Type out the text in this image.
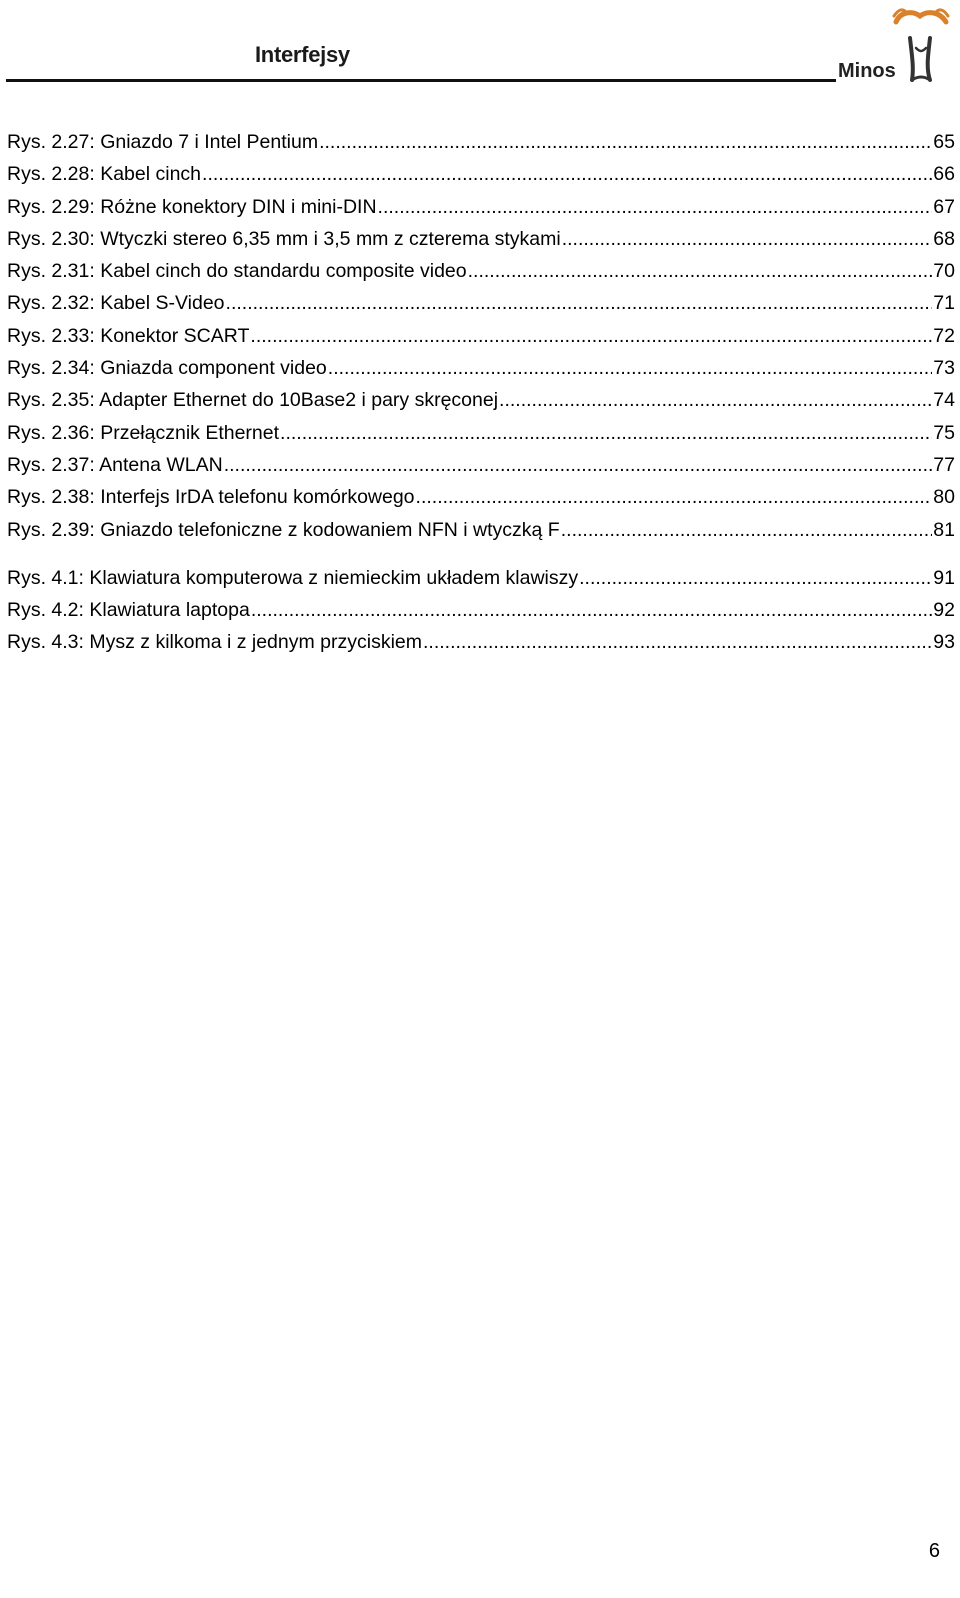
Interfejsy
Minos
Rys. 2.27: Gniazdo 7 i Intel Pentium .....	65
Rys. 2.28: Kabel cinch .....	66
Rys. 2.29: Różne konektory DIN i mini-DIN .....	67
Rys. 2.30: Wtyczki stereo 6,35 mm i 3,5 mm z czterema stykami .....	68
Rys. 2.31: Kabel cinch do standardu composite video .....	70
Rys. 2.32: Kabel S-Video .....	71
Rys. 2.33: Konektor SCART .....	72
Rys. 2.34: Gniazda component video .....	73
Rys. 2.35: Adapter Ethernet do 10Base2 i pary skręconej .....	74
Rys. 2.36: Przełącznik Ethernet .....	75
Rys. 2.37: Antena WLAN .....	77
Rys. 2.38: Interfejs IrDA telefonu komórkowego .....	80
Rys. 2.39: Gniazdo telefoniczne z kodowaniem NFN i wtyczką F .....	81
Rys. 4.1: Klawiatura komputerowa z niemieckim układem klawiszy .....	91
Rys. 4.2: Klawiatura laptopa .....	92
Rys. 4.3: Mysz z kilkoma i z jednym przyciskiem .....	93
6
